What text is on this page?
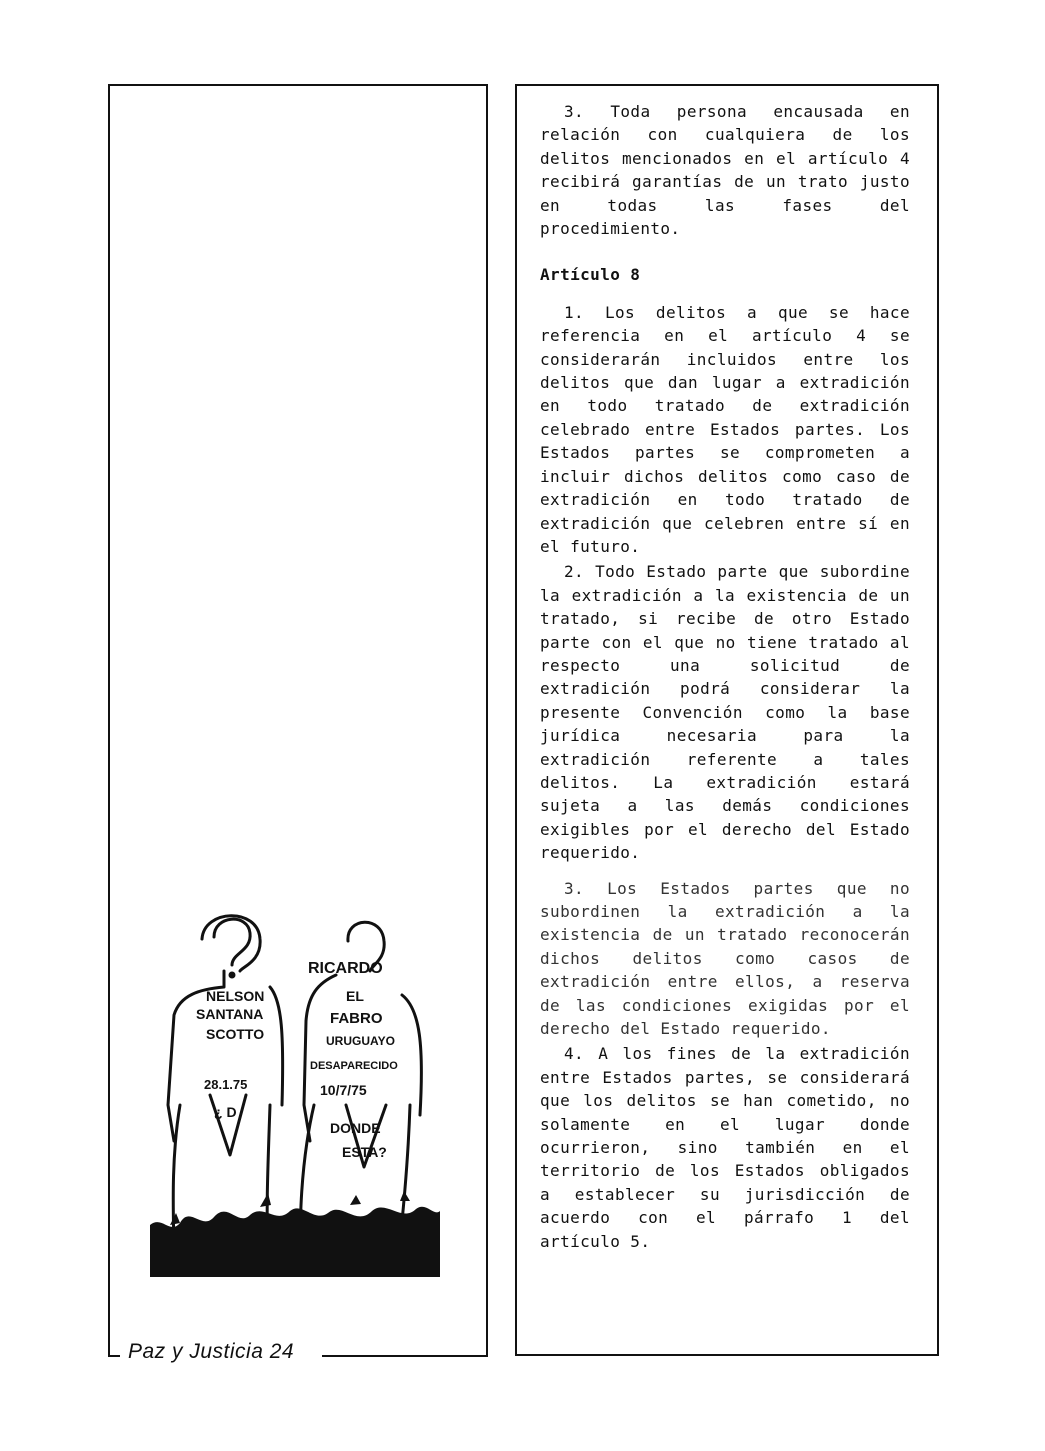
Paz y Justicia 24
NELSON
SANTANA
SCOTTO
28.1.75
¿ D
RICARDO
EL
FABRO
URUGUAYO
DESAPARECIDO
10/7/75
DONDE
ESTA?

3. Toda persona encausada en relación con cualquiera de los delitos mencionados en el artículo 4 recibirá garantías de un trato justo en todas las fases del procedimiento.

Artículo 8

1. Los delitos a que se hace referencia en el artículo 4 se considerarán incluidos entre los delitos que dan lugar a extradición en todo tratado de extradición celebrado entre Estados partes. Los Estados partes se comprometen a incluir dichos delitos como caso de extradición en todo tratado de extradición que celebren entre sí en el futuro.

2. Todo Estado parte que subordine la extradición a la existencia de un tratado, si recibe de otro Estado parte con el que no tiene tratado al respecto una solicitud de extradición podrá considerar la presente Convención como la base jurídica necesaria para la extradición referente a tales delitos. La extradición estará sujeta a las demás condiciones exigibles por el derecho del Estado requerido.

3. Los Estados partes que no subordinen la extradición a la existencia de un tratado reconocerán dichos delitos como casos de extradición entre ellos, a reserva de las condiciones exigidas por el derecho del Estado requerido.

4. A los fines de la extradición entre Estados partes, se considerará que los delitos se han cometido, no solamente en el lugar donde ocurrieron, sino también en el territorio de los Estados obligados a establecer su jurisdicción de acuerdo con el párrafo 1 del artículo 5.
